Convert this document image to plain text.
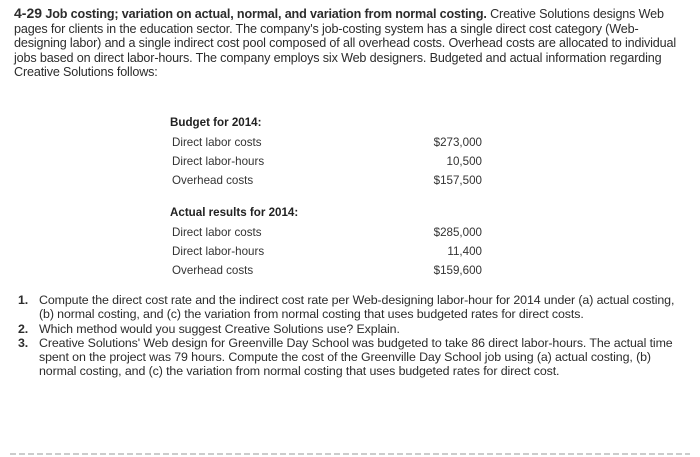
4-29 Job costing; variation on actual, normal, and variation from normal costing. Creative Solutions designs Web pages for clients in the education sector. The company's job-costing system has a single direct cost category (Web-designing labor) and a single indirect cost pool composed of all overhead costs. Overhead costs are allocated to individual jobs based on direct labor-hours. The company employs six Web designers. Budgeted and actual information regarding Creative Solutions follows:
Budget for 2014:
Direct labor costs	$273,000
Direct labor-hours	10,500
Overhead costs	$157,500
Actual results for 2014:
Direct labor costs	$285,000
Direct labor-hours	11,400
Overhead costs	$159,600
1. Compute the direct cost rate and the indirect cost rate per Web-designing labor-hour for 2014 under (a) actual costing, (b) normal costing, and (c) the variation from normal costing that uses budgeted rates for direct costs.
2. Which method would you suggest Creative Solutions use? Explain.
3. Creative Solutions' Web design for Greenville Day School was budgeted to take 86 direct labor-hours. The actual time spent on the project was 79 hours. Compute the cost of the Greenville Day School job using (a) actual costing, (b) normal costing, and (c) the variation from normal costing that uses budgeted rates for direct cost.
